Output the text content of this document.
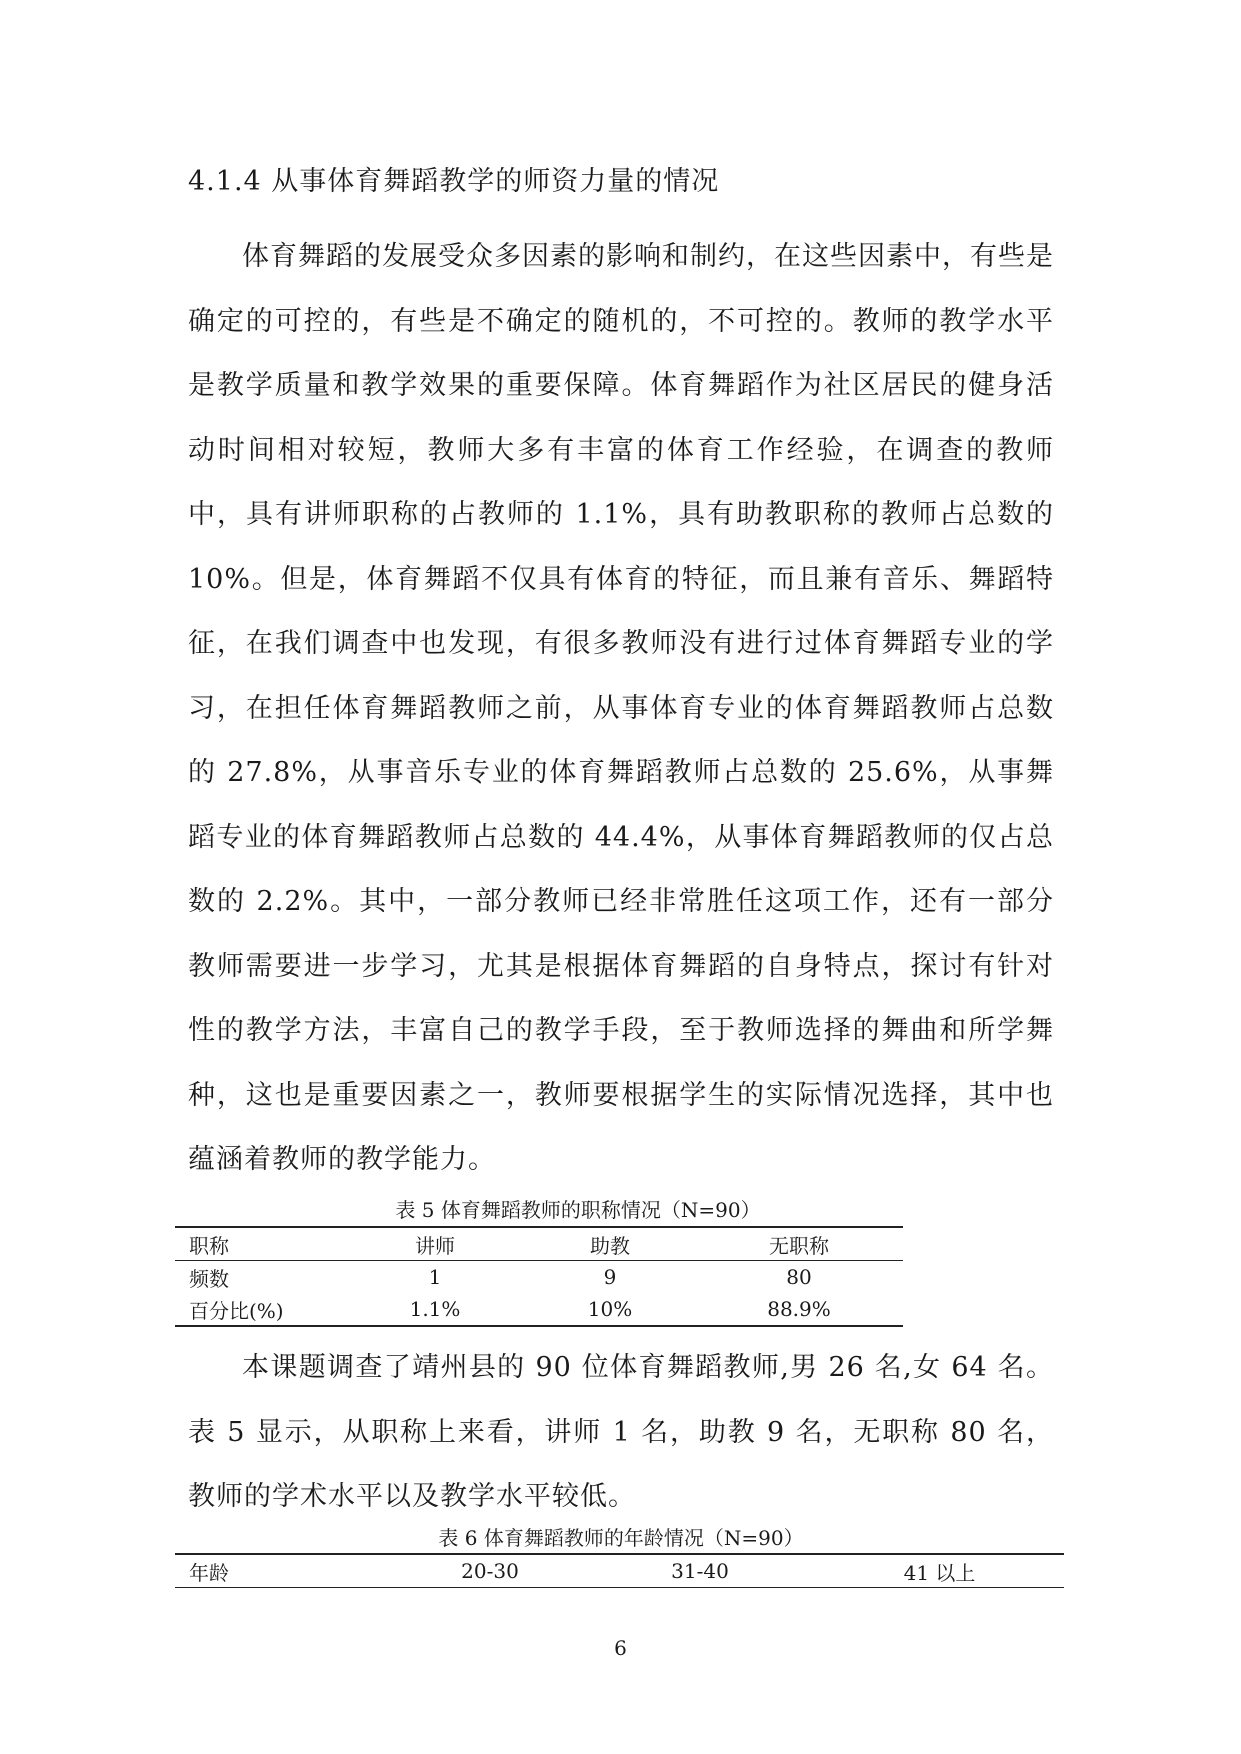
4.1.4 从事体育舞蹈教学的师资力量的情况

体育舞蹈的发展受众多因素的影响和制约，在这些因素中，有些是确定的可控的，有些是不确定的随机的，不可控的。教师的教学水平是教学质量和教学效果的重要保障。体育舞蹈作为社区居民的健身活动时间相对较短，教师大多有丰富的体育工作经验，在调查的教师中，具有讲师职称的占教师的 1.1%，具有助教职称的教师占总数的 10%。但是，体育舞蹈不仅具有体育的特征，而且兼有音乐、舞蹈特征，在我们调查中也发现，有很多教师没有进行过体育舞蹈专业的学习，在担任体育舞蹈教师之前，从事体育专业的体育舞蹈教师占总数的 27.8%，从事音乐专业的体育舞蹈教师占总数的 25.6%，从事舞蹈专业的体育舞蹈教师占总数的 44.4%，从事体育舞蹈教师的仅占总数的 2.2%。其中，一部分教师已经非常胜任这项工作，还有一部分教师需要进一步学习，尤其是根据体育舞蹈的自身特点，探讨有针对性的教学方法，丰富自己的教学手段，至于教师选择的舞曲和所学舞种，这也是重要因素之一，教师要根据学生的实际情况选择，其中也蕴涵着教师的教学能力。

表 5 体育舞蹈教师的职称情况（N=90）
职称	讲师	助教	无职称
频数	1	9	80
百分比(%)	1.1%	10%	88.9%

本课题调查了靖州县的 90 位体育舞蹈教师,男 26 名,女 64 名。表 5 显示，从职称上来看，讲师 1 名，助教 9 名，无职称 80 名，教师的学术水平以及教学水平较低。

表 6 体育舞蹈教师的年龄情况（N=90）
年龄	20-30	31-40	41 以上
6
